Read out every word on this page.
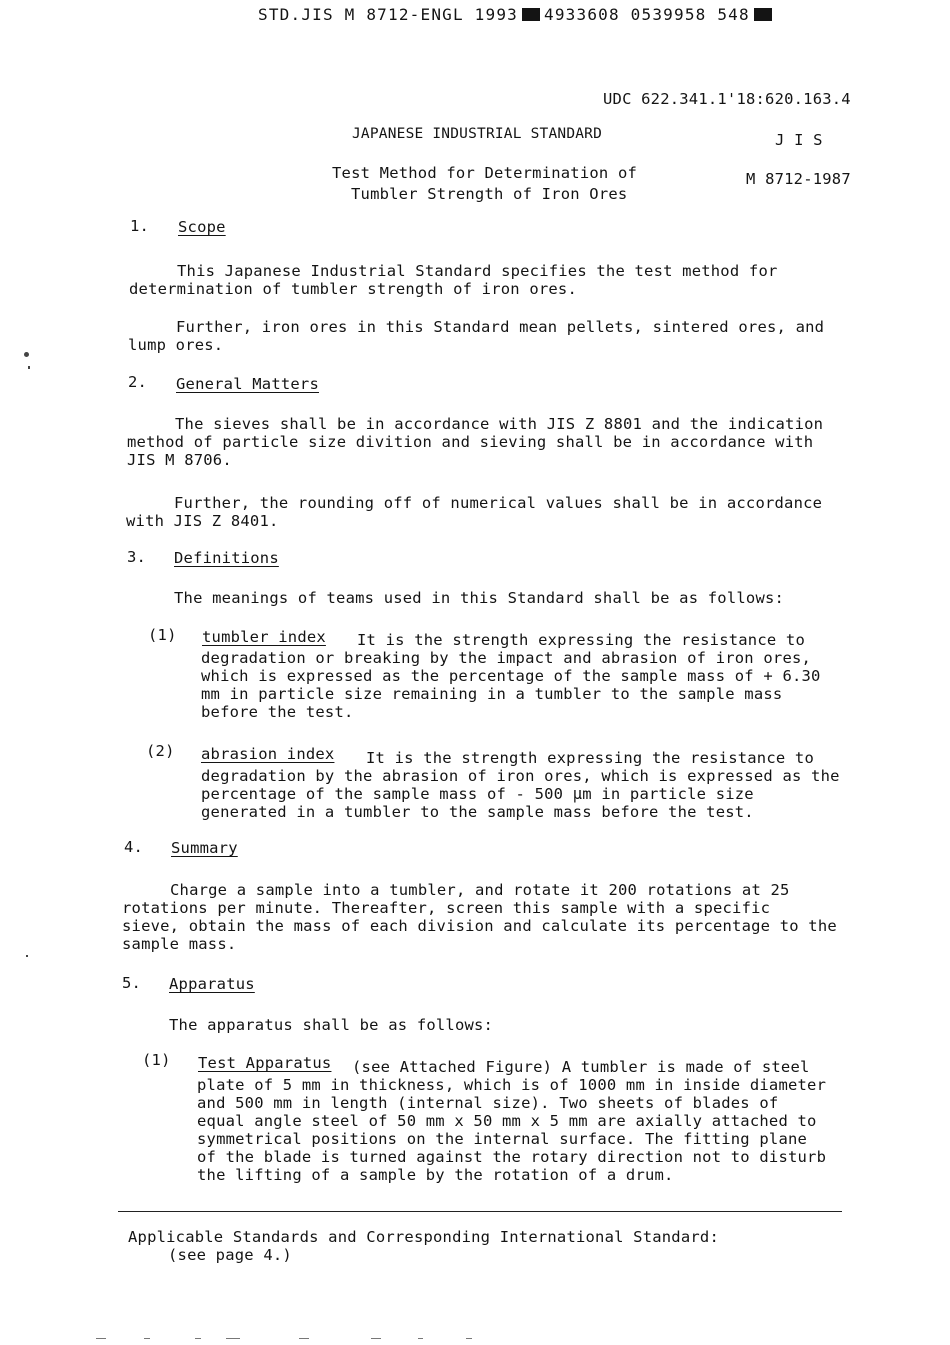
STD.JIS M 8712-ENGL 1993 4933608 0539958 548
UDC 622.341.1'18:620.163.4
JAPANESE INDUSTRIAL STANDARD	J I S
Test Method for Determination of
Tumbler Strength of Iron Ores
M 8712-1987
1. Scope
This Japanese Industrial Standard specifies the test method for
determination of tumbler strength of iron ores.
Further, iron ores in this Standard mean pellets, sintered ores, and
lump ores.
2. General Matters
The sieves shall be in accordance with JIS Z 8801 and the indication
method of particle size divition and sieving shall be in accordance with
JIS M 8706.
Further, the rounding off of numerical values shall be in accordance
with JIS Z 8401.
3. Definitions
The meanings of teams used in this Standard shall be as follows:
(1) tumbler index	It is the strength expressing the resistance to
degradation or breaking by the impact and abrasion of iron ores,
which is expressed as the percentage of the sample mass of + 6.30
mm in particle size remaining in a tumbler to the sample mass
before the test.
(2) abrasion index	It is the strength expressing the resistance to
degradation by the abrasion of iron ores, which is expressed as the
percentage of the sample mass of - 500 μm in particle size
generated in a tumbler to the sample mass before the test.
4. Summary
Charge a sample into a tumbler, and rotate it 200 rotations at 25
rotations per minute. Thereafter, screen this sample with a specific
sieve, obtain the mass of each division and calculate its percentage to the
sample mass.
5. Apparatus
The apparatus shall be as follows:
(1) Test Apparatus	(see Attached Figure) A tumbler is made of steel
plate of 5 mm in thickness, which is of 1000 mm in inside diameter
and 500 mm in length (internal size). Two sheets of blades of
equal angle steel of 50 mm x 50 mm x 5 mm are axially attached to
symmetrical positions on the internal surface. The fitting plane
of the blade is turned against the rotary direction not to disturb
the lifting of a sample by the rotation of a drum.
Applicable Standards and Corresponding International Standard:
(see page 4.)
